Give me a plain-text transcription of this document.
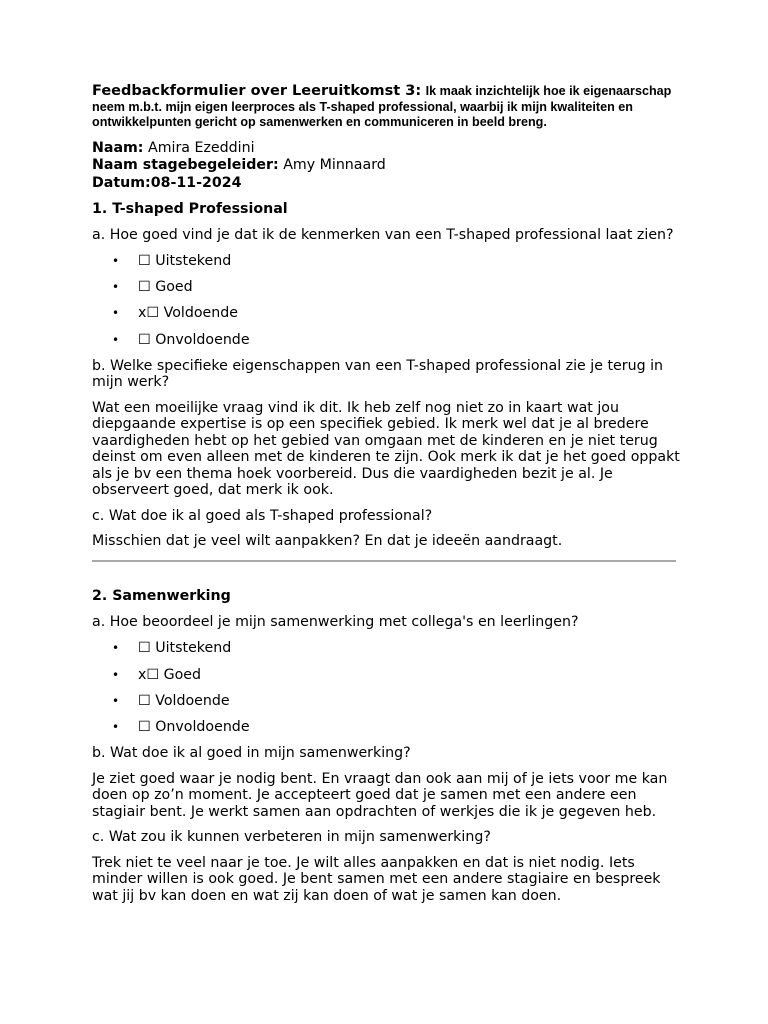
Feedbackformulier over Leeruitkomst 3: Ik maak inzichtelijk hoe ik eigenaarschap neem m.b.t. mijn eigen leerproces als T-shaped professional, waarbij ik mijn kwaliteiten en ontwikkelpunten gericht op samenwerken en communiceren in beeld breng.

Naam: Amira Ezeddini

Naam stagebegeleider: Amy Minnaard

Datum:08-11-2024

1. T-shaped Professional

a. Hoe goed vind je dat ik de kenmerken van een T-shaped professional laat zien?

• ☐ Uitstekend
• ☐ Goed
• x☐ Voldoende
• ☐ Onvoldoende

b. Welke specifieke eigenschappen van een T-shaped professional zie je terug in mijn werk?

Wat een moeilijke vraag vind ik dit. Ik heb zelf nog niet zo in kaart wat jou diepgaande expertise is op een specifiek gebied. Ik merk wel dat je al bredere vaardigheden hebt op het gebied van omgaan met de kinderen en je niet terug deinst om even alleen met de kinderen te zijn. Ook merk ik dat je het goed oppakt als je bv een thema hoek voorbereid. Dus die vaardigheden bezit je al. Je observeert goed, dat merk ik ook.

c. Wat doe ik al goed als T-shaped professional?

Misschien dat je veel wilt aanpakken? En dat je ideeën aandraagt.

2. Samenwerking

a. Hoe beoordeel je mijn samenwerking met collega's en leerlingen?

• ☐ Uitstekend
• x☐ Goed
• ☐ Voldoende
• ☐ Onvoldoende

b. Wat doe ik al goed in mijn samenwerking?

Je ziet goed waar je nodig bent. En vraagt dan ook aan mij of je iets voor me kan doen op zo’n moment. Je accepteert goed dat je samen met een andere een stagiair bent. Je werkt samen aan opdrachten of werkjes die ik je gegeven heb.

c. Wat zou ik kunnen verbeteren in mijn samenwerking?

Trek niet te veel naar je toe. Je wilt alles aanpakken en dat is niet nodig. Iets minder willen is ook goed. Je bent samen met een andere stagiaire en bespreek wat jij bv kan doen en wat zij kan doen of wat je samen kan doen.
